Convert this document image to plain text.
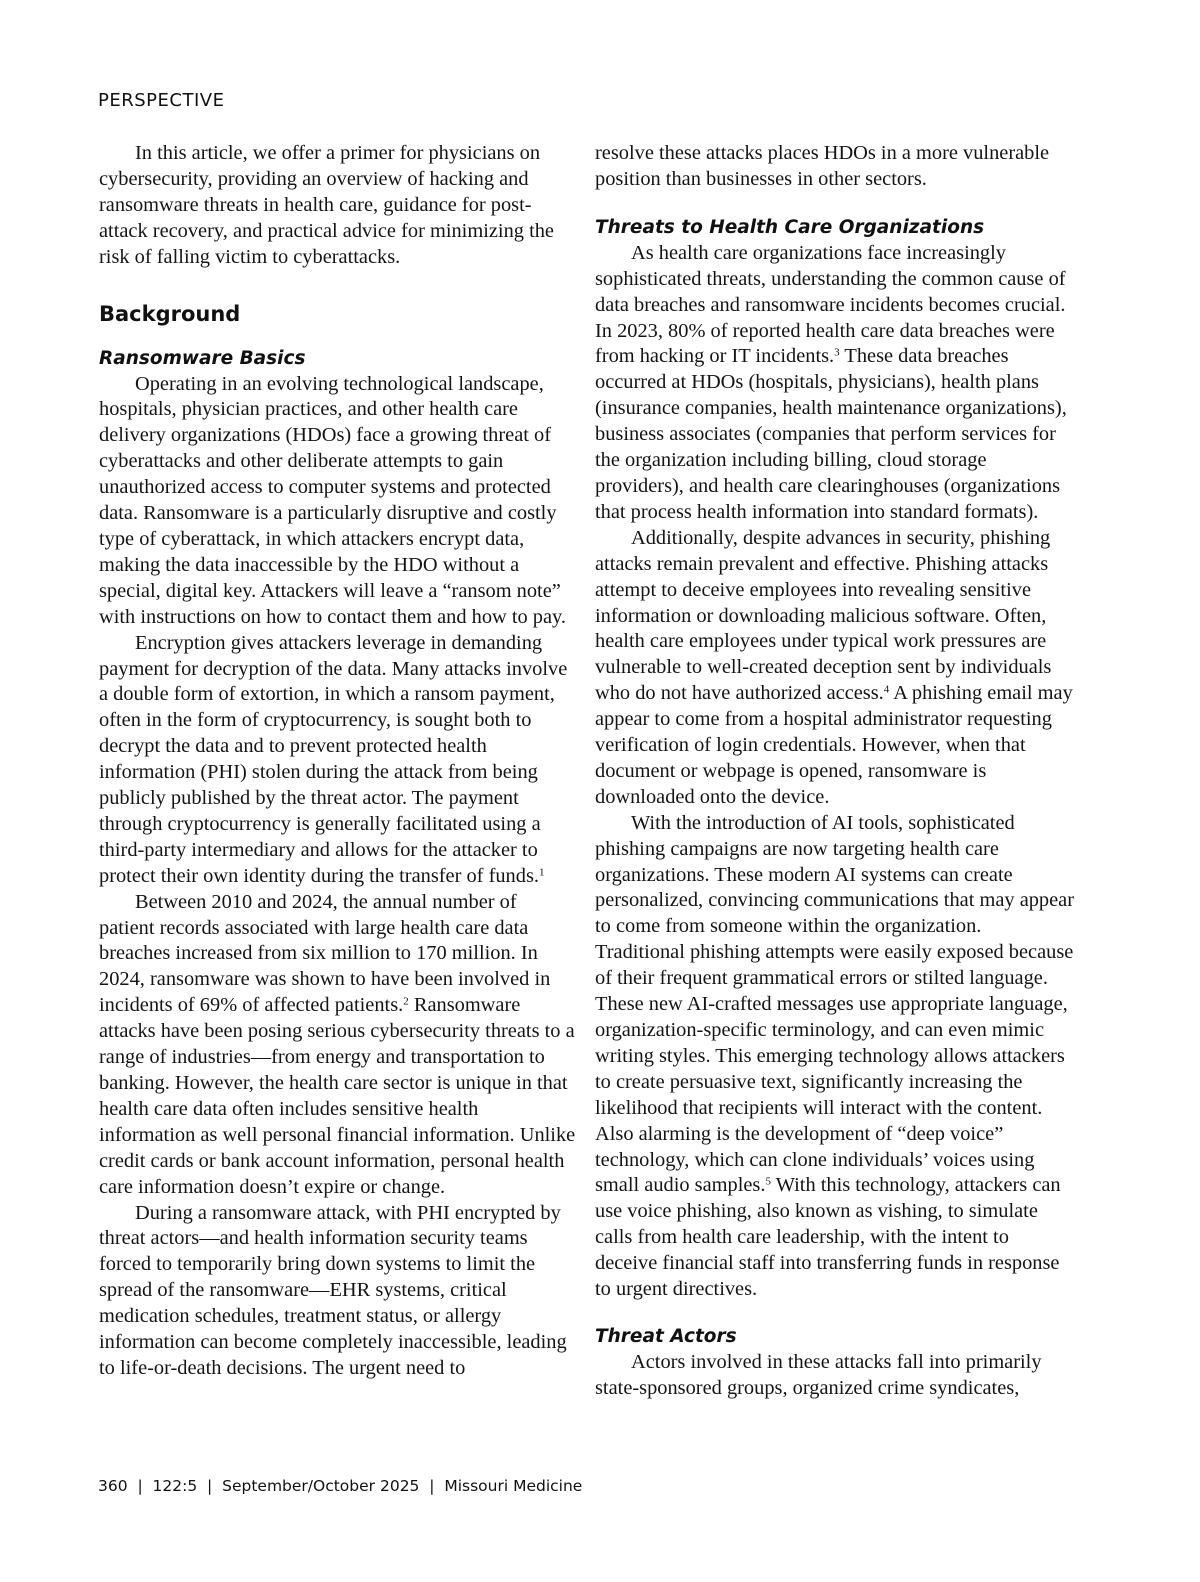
PERSPECTIVE

In this article, we offer a primer for physicians on cybersecurity, providing an overview of hacking and ransomware threats in health care, guidance for post-attack recovery, and practical advice for minimizing the risk of falling victim to cyberattacks.

Background
Ransomware Basics

Operating in an evolving technological landscape, hospitals, physician practices, and other health care delivery organizations (HDOs) face a growing threat of cyberattacks and other deliberate attempts to gain unauthorized access to computer systems and protected data. Ransomware is a particularly disruptive and costly type of cyberattack, in which attackers encrypt data, making the data inaccessible by the HDO without a special, digital key. Attackers will leave a “ransom note” with instructions on how to contact them and how to pay.

Encryption gives attackers leverage in demanding payment for decryption of the data. Many attacks involve a double form of extortion, in which a ransom payment, often in the form of cryptocurrency, is sought both to decrypt the data and to prevent protected health information (PHI) stolen during the attack from being publicly published by the threat actor. The payment through cryptocurrency is generally facilitated using a third-party intermediary and allows for the attacker to protect their own identity during the transfer of funds.$^1$

Between 2010 and 2024, the annual number of patient records associated with large health care data breaches increased from six million to 170 million. In 2024, ransomware was shown to have been involved in incidents of 69% of affected patients.$^2$ Ransomware attacks have been posing serious cybersecurity threats to a range of industries—from energy and transportation to banking. However, the health care sector is unique in that health care data often includes sensitive health information as well personal financial information. Unlike credit cards or bank account information, personal health care information doesn’t expire or change.

During a ransomware attack, with PHI encrypted by threat actors—and health information security teams forced to temporarily bring down systems to limit the spread of the ransomware—EHR systems, critical medication schedules, treatment status, or allergy information can become completely inaccessible, leading to life-or-death decisions. The urgent need to

resolve these attacks places HDOs in a more vulnerable position than businesses in other sectors.

Threats to Health Care Organizations

As health care organizations face increasingly sophisticated threats, understanding the common cause of data breaches and ransomware incidents becomes crucial. In 2023, 80% of reported health care data breaches were from hacking or IT incidents.$^3$ These data breaches occurred at HDOs (hospitals, physicians), health plans (insurance companies, health maintenance organizations), business associates (companies that perform services for the organization including billing, cloud storage providers), and health care clearinghouses (organizations that process health information into standard formats).

Additionally, despite advances in security, phishing attacks remain prevalent and effective. Phishing attacks attempt to deceive employees into revealing sensitive information or downloading malicious software. Often, health care employees under typical work pressures are vulnerable to well-created deception sent by individuals who do not have authorized access.$^4$ A phishing email may appear to come from a hospital administrator requesting verification of login credentials. However, when that document or webpage is opened, ransomware is downloaded onto the device.

With the introduction of AI tools, sophisticated phishing campaigns are now targeting health care organizations. These modern AI systems can create personalized, convincing communications that may appear to come from someone within the organization. Traditional phishing attempts were easily exposed because of their frequent grammatical errors or stilted language. These new AI-crafted messages use appropriate language, organization-specific terminology, and can even mimic writing styles. This emerging technology allows attackers to create persuasive text, significantly increasing the likelihood that recipients will interact with the content. Also alarming is the development of “deep voice” technology, which can clone individuals’ voices using small audio samples.$^5$ With this technology, attackers can use voice phishing, also known as vishing, to simulate calls from health care leadership, with the intent to deceive financial staff into transferring funds in response to urgent directives.

Threat Actors

Actors involved in these attacks fall into primarily state-sponsored groups, organized crime syndicates,

360  |  122:5  |  September/October 2025  |  Missouri Medicine
